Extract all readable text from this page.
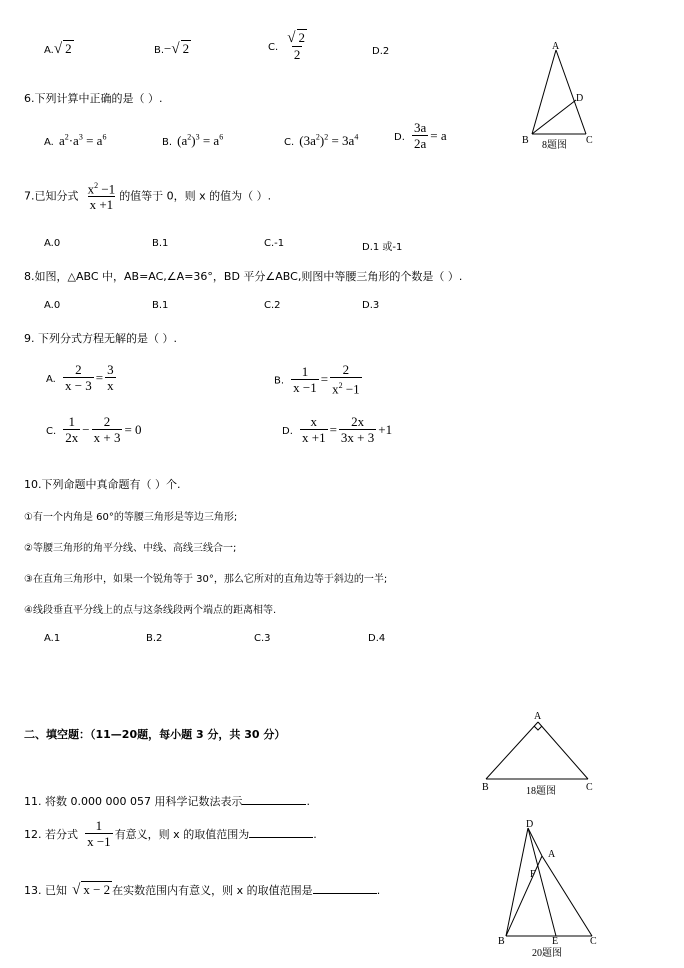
A.√ 2	B.−√ 2	C. $\frac{√ 2}{2}$	D.2
6.下列计算中正确的是（ ）.
A. $a^2\cdot a^3 = a^6$	B. $(a^2)^3 = a^6$	C. $(3a^2)^2 = 3a^4$	D. $\frac{3a}{2a} = a$
7.已知分式 $\frac{x^2 -1}{x +1}$ 的值等于 0，则 x 的值为（ ）.
A.0	B.1	C.-1	D.1 或-1
8.如图，△ABC 中，AB=AC,∠A=36°，BD 平分∠ABC,则图中等腰三角形的个数是（ ）.
A.0	B.1	C.2	D.3
9. 下列分式方程无解的是（ ）.
A. $\frac{2}{x - 3} = \frac{3}{x}$	B. $\frac{1}{x -1} = \frac{2}{x^2 -1}$
C. $\frac{1}{2x} - \frac{2}{x + 3} = 0$	D. $\frac{x}{x +1} = \frac{2x}{3x + 3} +1$
10.下列命题中真命题有（ ）个.
①有一个内角是 60°的等腰三角形是等边三角形;
②等腰三角形的角平分线、中线、高线三线合一;
③在直角三角形中，如果一个锐角等于 30°，那么它所对的直角边等于斜边的一半;
④线段垂直平分线上的点与这条线段两个端点的距离相等.
A.1	B.2	C.3	D.4
二、填空题：（11—20题，每小题 3 分，共 30 分）
11. 将数 0.000 000 057 用科学记数法表示	.
12. 若分式 $\frac{1}{x -1}$ 有意义，则 x 的取值范围为	.
13. 已知 √ x − 2 在实数范围内有意义，则 x 的取值范围是	.
A
B	C
D
8题图
A
B	C
18题图
D
A
F
B	E	C
20题图
